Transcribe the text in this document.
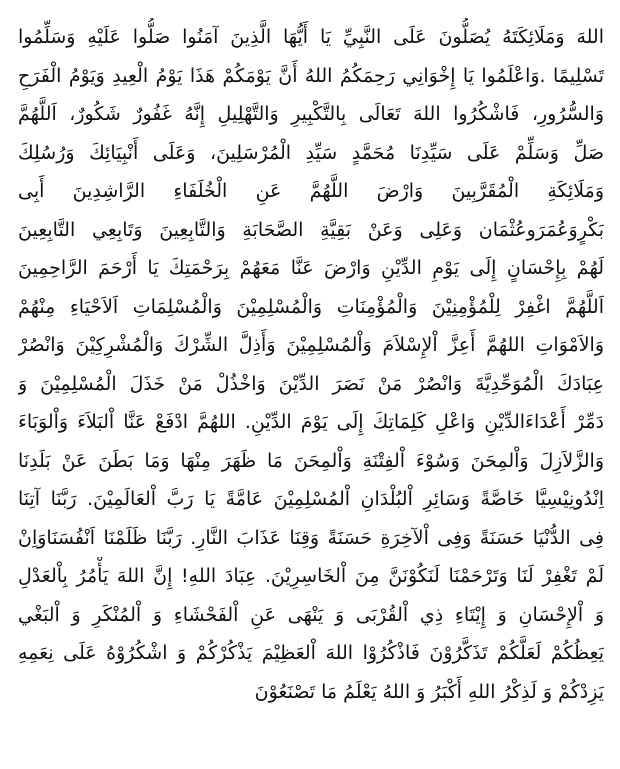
اللهَ وَمَلَائِكَتَهُ يُصَلُّونَ عَلَى النَّبِيِّ يَا أَيُّهَا الَّذِينَ آمَنُوا صَلُّوا عَلَيْهِ وَسَلِّمُوا
تَسْلِيمًا .وَاعْلَمُوا يَا إِخْوَانِي رَحِمَكُمُ اللهُ أَنَّ يَوْمَكُمْ هَذَا يَوْمُ الْعِيدِ وَيَوْمُ الْفَرَحِ
وَالسُّرُورِ، فَاشْكُرُوا اللهَ تَعَالَى بِالتَّكْبِيرِ وَالتَّهْلِيلِ إِنَّهُ غَفُورٌ شَكُورٌ، اَللَّهُمَّ
صَلِّ وَسَلِّمْ عَلَى سَيِّدِنَا مُحَمَّدٍ سَيِّدِ الْمُرْسَلِينَ، وَعَلَى أَنْبِيَائِكَ وَرُسُلِكَ
وَمَلَائِكَةِ الْمُقَرَّبِينَ وَارْضَ اللَّهُمَّ عَنِ الْخُلَفَاءِ الرَّاشِدِينَ أَبِى
بَكْرٍوَعُمَرَوعُثْمَان وَعَلِى وَعَنْ بَقِيَّةِ الصَّحَابَةِ وَالتَّابِعِينَ وَتَابِعِي التَّابِعِينَ
لَهُمْ بِإِحْسَانٍ إِلَى يَوْمِ الدِّيْنِ وَارْضَ عَنَّا مَعَهُمْ بِرَحْمَتِكَ يَا أَرْحَمَ الرَّاحِمِينَ
اَللَّهُمَّ اغْفِرْ لِلْمُؤْمِنِيْنَ وَالْمُؤْمِنَاتِ وَالْمُسْلِمِيْنَ وَالْمُسْلِمَاتِ اَلاَحْيَاءِ مِنْهُمْ
وَالاَمْوَاتِ اللهُمَّ أَعِزَّ اْلإِسْلاَمَ وَاْلمُسْلِمِيْنَ وَأَذِلَّ الشِّرْكَ وَالْمُشْرِكِيْنَ وَانْصُرْ
عِبَادَكَ الْمُوَحِّدِيَّةَ وَانْصُرْ مَنْ نَصَرَ الدِّيْنَ وَاخْذُلْ مَنْ خَذَلَ الْمُسْلِمِيْنَ وَ
دَمِّرْ أَعْدَاءَالدِّيْنِ وَاعْلِ كَلِمَاتِكَ إِلَى يَوْمَ الدِّيْنِ. اللهُمَّ ادْفَعْ عَنَّا اْلبَلاَءَ وَاْلوَبَاءَ
وَالزَّلاَزِلَ وَاْلمِحَنَ وَسُوْءَ اْلفِتْنَةِ وَاْلمِحَنَ مَا ظَهَرَ مِنْهَا وَمَا بَطَنَ عَنْ بَلَدِنَا
اِنْدُونِيْسِيَّا خَاصَّةً وَسَائِرِ اْلبُلْدَانِ اْلمُسْلِمِيْنَ عَامَّةً يَا رَبَّ اْلعَالَمِيْنَ. رَبَّنَا آتِنَا
فِى الدُّنْيَا حَسَنَةً وَفِى اْلآخِرَةِ حَسَنَةً وَقِنَا عَذَابَ النَّارِ. رَبَّنَا ظَلَمْنَا اَنْفُسَنَاوَاِنْ
لَمْ تَغْفِرْ لَنَا وَتَرْحَمْنَا لَنَكُوْنَنَّ مِنَ اْلخَاسِرِيْنَ. عِبَادَ اللهِ! إِنَّ اللهَ يَأْمُرُ بِاْلعَدْلِ
وَ اْلإِحْسَانِ وَ إِيْتَاءِ ذِي اْلقُرْبَى وَ يَنْهَى عَنِ اْلفَحْشَاءِ وَ اْلمُنْكَرِ وَ اْلبَغْي
يَعِظُكُمْ لَعَلَّكُمْ تَذَكَّرُوْنَ فَاذْكُرُوْا اللهَ اْلعَظِيْمَ يَذْكُرْكُمْ وَ اشْكُرُوْهُ عَلَى نِعَمِهِ
يَزِدْكُمْ وَ لَذِكْرُ اللهِ أَكْبَرُ وَ اللهُ يَعْلَمُ مَا تَصْنَعُوْنَ
